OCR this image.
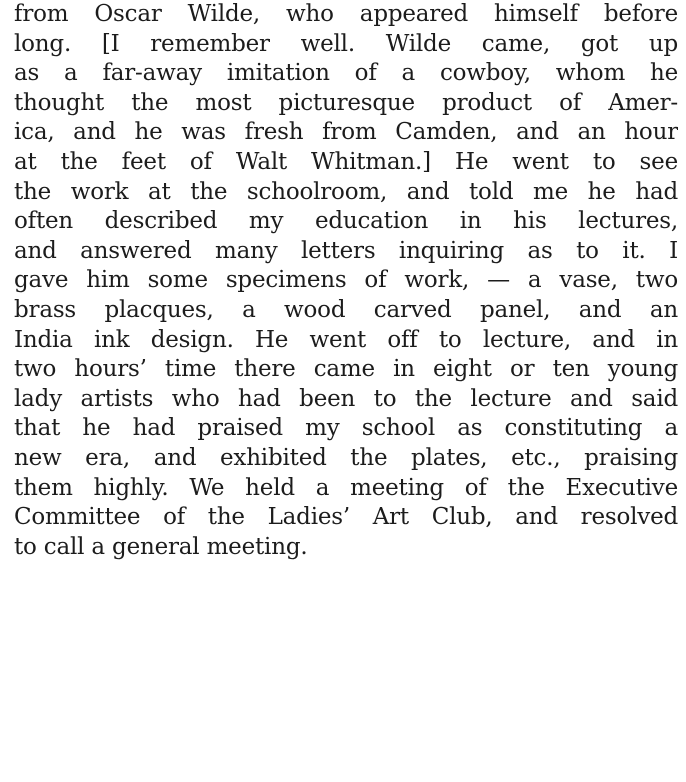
from Oscar Wilde, who appeared himself before
long. [I remember well. Wilde came, got up
as a far-away imitation of a cowboy, whom he
thought the most picturesque product of Amer-
ica, and he was fresh from Camden, and an hour
at the feet of Walt Whitman.] He went to see
the work at the schoolroom, and told me he had
often described my education in his lectures,
and answered many letters inquiring as to it. I
gave him some specimens of work, — a vase, two
brass placques, a wood carved panel, and an
India ink design. He went off to lecture, and in
two hours’ time there came in eight or ten young
lady artists who had been to the lecture and said
that he had praised my school as constituting a
new era, and exhibited the plates, etc., praising
them highly. We held a meeting of the Executive
Committee of the Ladies’ Art Club, and resolved
to call a general meeting.
